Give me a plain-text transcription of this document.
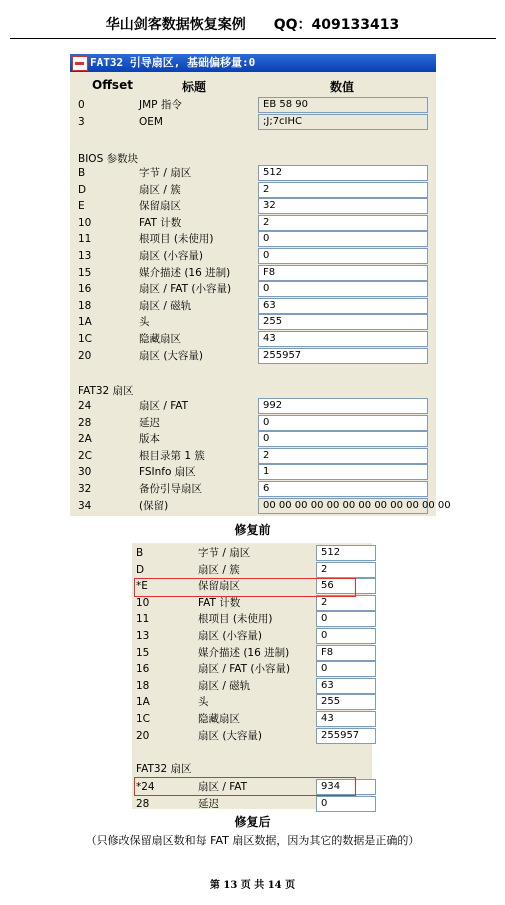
华山剑客数据恢复案例 QQ：409133413
FAT32 引导扇区, 基础偏移量:0
Offset	标题	数值
0	JMP 指令	EB 58 90
3	OEM	;J;7cIHC
BIOS 参数块
B	字节 / 扇区	512
D	扇区 / 簇	2
E	保留扇区	32
10	FAT 计数	2
11	根项目 (未使用)	0
13	扇区 (小容量)	0
15	媒介描述 (16 进制)	F8
16	扇区 / FAT (小容量)	0
18	扇区 / 磁轨	63
1A	头	255
1C	隐藏扇区	43
20	扇区 (大容量)	255957
FAT32 扇区
24	扇区 / FAT	992
28	延迟	0
2A	版本	0
2C	根目录第 1 簇	2
30	FSInfo 扇区	1
32	备份引导扇区	6
34	(保留)	00 00 00 00 00 00 00 00 00 00 00 00
修复前
B	字节 / 扇区	512
D	扇区 / 簇	2
*E	保留扇区	56
10	FAT 计数	2
11	根项目 (未使用)	0
13	扇区 (小容量)	0
15	媒介描述 (16 进制)	F8
16	扇区 / FAT (小容量)	0
18	扇区 / 磁轨	63
1A	头	255
1C	隐藏扇区	43
20	扇区 (大容量)	255957
FAT32 扇区
*24	扇区 / FAT	934
28	延迟	0
修复后
（只修改保留扇区数和每 FAT 扇区数据，因为其它的数据是正确的）
第 13 页 共 14 页
